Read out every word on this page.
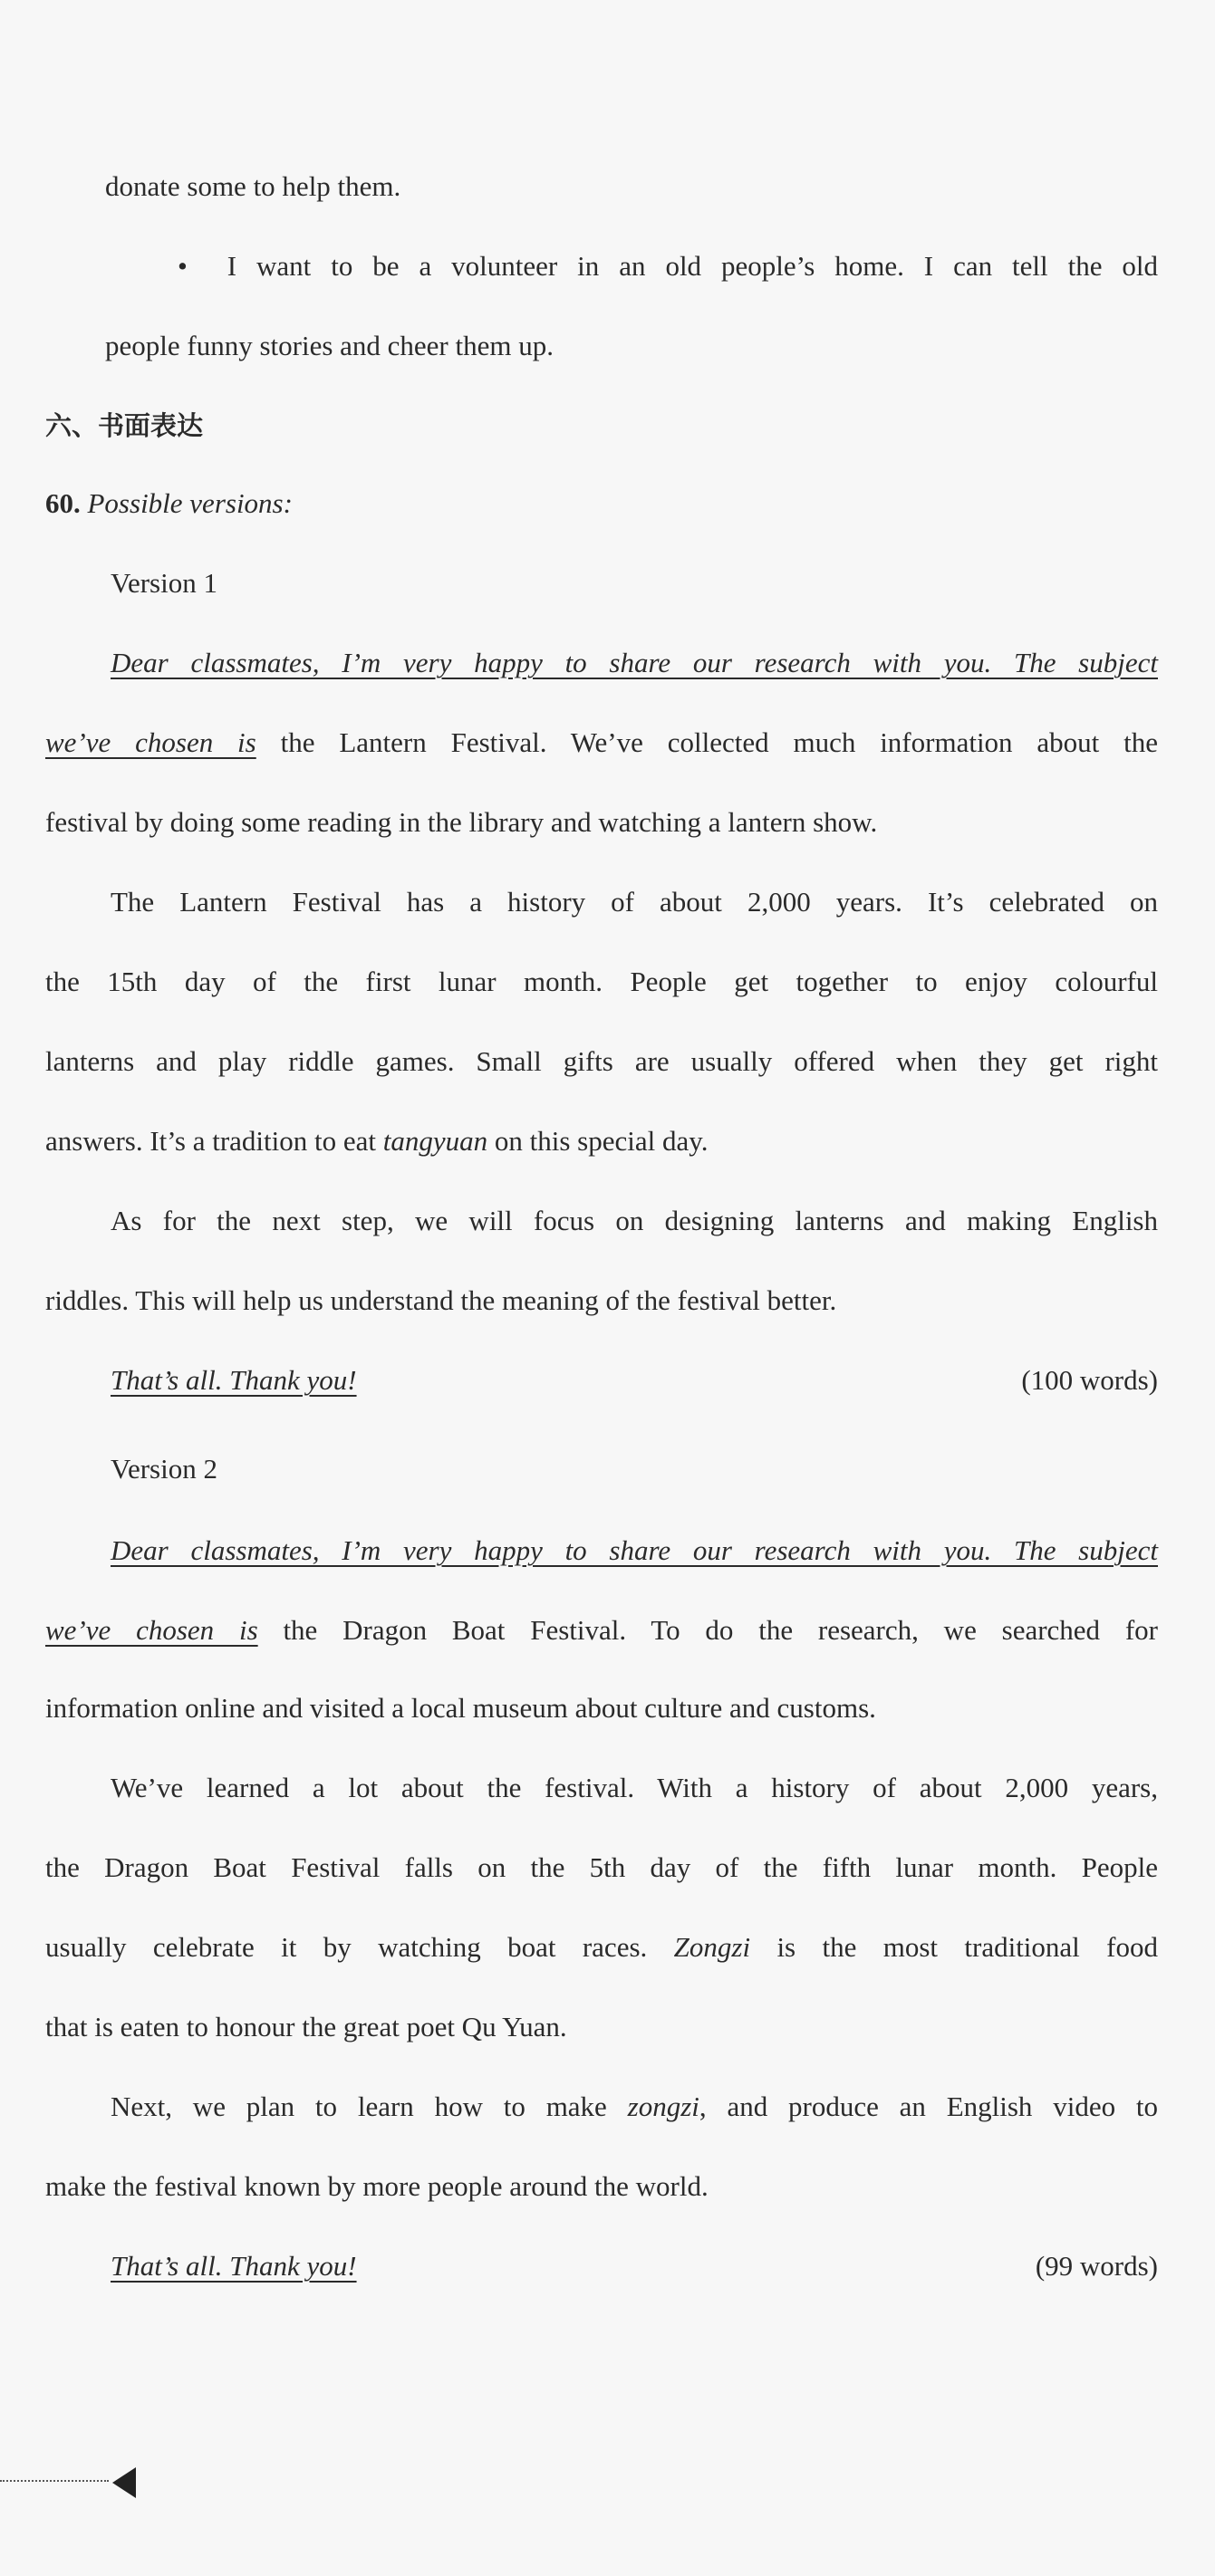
donate some to help them.
• I want to be a volunteer in an old people’s home. I can tell the old
people funny stories and cheer them up.
六、书面表达
60. Possible versions:
Version 1
Dear classmates, I’m very happy to share our research with you. The subject
we’ve chosen is the Lantern Festival. We’ve collected much information about the
festival by doing some reading in the library and watching a lantern show.
The Lantern Festival has a history of about 2,000 years. It’s celebrated on
the 15th day of the first lunar month. People get together to enjoy colourful
lanterns and play riddle games. Small gifts are usually offered when they get right
answers. It’s a tradition to eat tangyuan on this special day.
As for the next step, we will focus on designing lanterns and making English
riddles. This will help us understand the meaning of the festival better.
That’s all. Thank you!	(100 words)
Version 2
Dear classmates, I’m very happy to share our research with you. The subject
we’ve chosen is the Dragon Boat Festival. To do the research, we searched for
information online and visited a local museum about culture and customs.
We’ve learned a lot about the festival. With a history of about 2,000 years,
the Dragon Boat Festival falls on the 5th day of the fifth lunar month. People
usually celebrate it by watching boat races. Zongzi is the most traditional food
that is eaten to honour the great poet Qu Yuan.
Next, we plan to learn how to make zongzi, and produce an English video to
make the festival known by more people around the world.
That’s all. Thank you!	(99 words)
